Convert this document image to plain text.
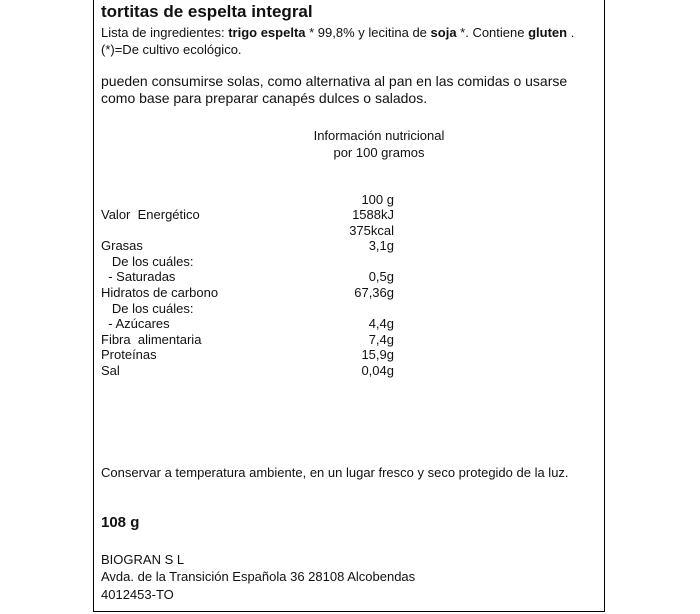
tortitas de espelta integral
Lista de ingredientes: trigo espelta * 99,8% y lecitina de soja *. Contiene gluten .
(*)=De cultivo ecológico.
pueden consumirse solas, como alternativa al pan en las comidas o usarse como base para preparar canapés dulces o salados.
Información nutricional
por 100 gramos
100 g
Valor  Energético	1588kJ
375kcal
Grasas	3,1g
De los cuáles:
- Saturadas	0,5g
Hidratos de carbono	67,36g
De los cuáles:
- Azúcares	4,4g
Fibra  alimentaria	7,4g
Proteínas	15,9g
Sal	0,04g
Conservar a temperatura ambiente, en un lugar fresco y seco protegido de la luz.
108 g
BIOGRAN S L
Avda. de la Transición Española 36 28108 Alcobendas
4012453-TO
